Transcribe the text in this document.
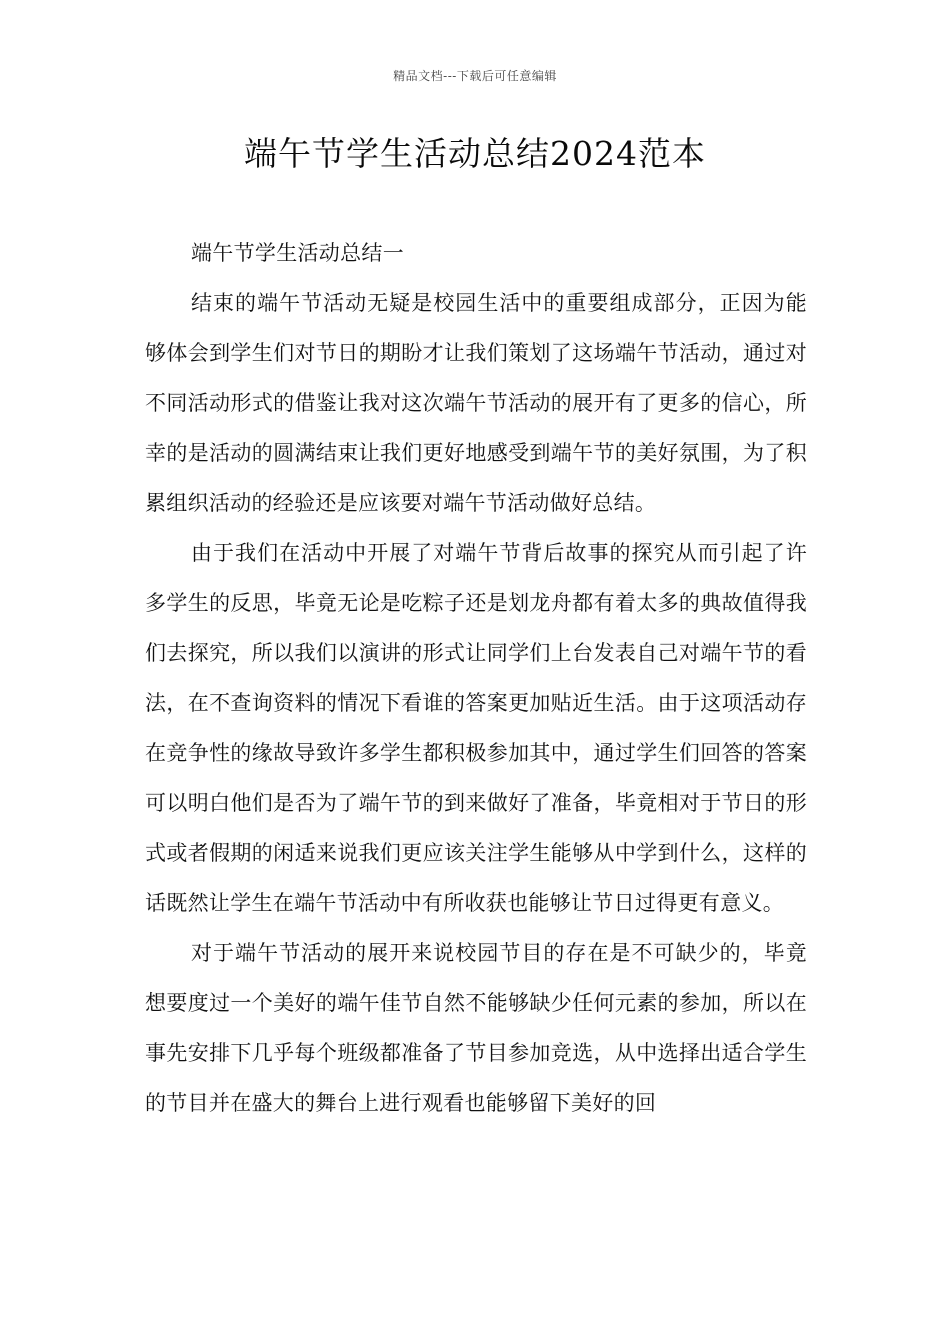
精品文档---下载后可任意编辑
端午节学生活动总结2024范本

端午节学生活动总结一

结束的端午节活动无疑是校园生活中的重要组成部分，正因为能够体会到学生们对节日的期盼才让我们策划了这场端午节活动，通过对不同活动形式的借鉴让我对这次端午节活动的展开有了更多的信心，所幸的是活动的圆满结束让我们更好地感受到端午节的美好氛围，为了积累组织活动的经验还是应该要对端午节活动做好总结。

由于我们在活动中开展了对端午节背后故事的探究从而引起了许多学生的反思，毕竟无论是吃粽子还是划龙舟都有着太多的典故值得我们去探究，所以我们以演讲的形式让同学们上台发表自己对端午节的看法，在不查询资料的情况下看谁的答案更加贴近生活。由于这项活动存在竞争性的缘故导致许多学生都积极参加其中，通过学生们回答的答案可以明白他们是否为了端午节的到来做好了准备，毕竟相对于节日的形式或者假期的闲适来说我们更应该关注学生能够从中学到什么，这样的话既然让学生在端午节活动中有所收获也能够让节日过得更有意义。

对于端午节活动的展开来说校园节目的存在是不可缺少的，毕竟想要度过一个美好的端午佳节自然不能够缺少任何元素的参加，所以在事先安排下几乎每个班级都准备了节目参加竞选，从中选择出适合学生的节目并在盛大的舞台上进行观看也能够留下美好的回
